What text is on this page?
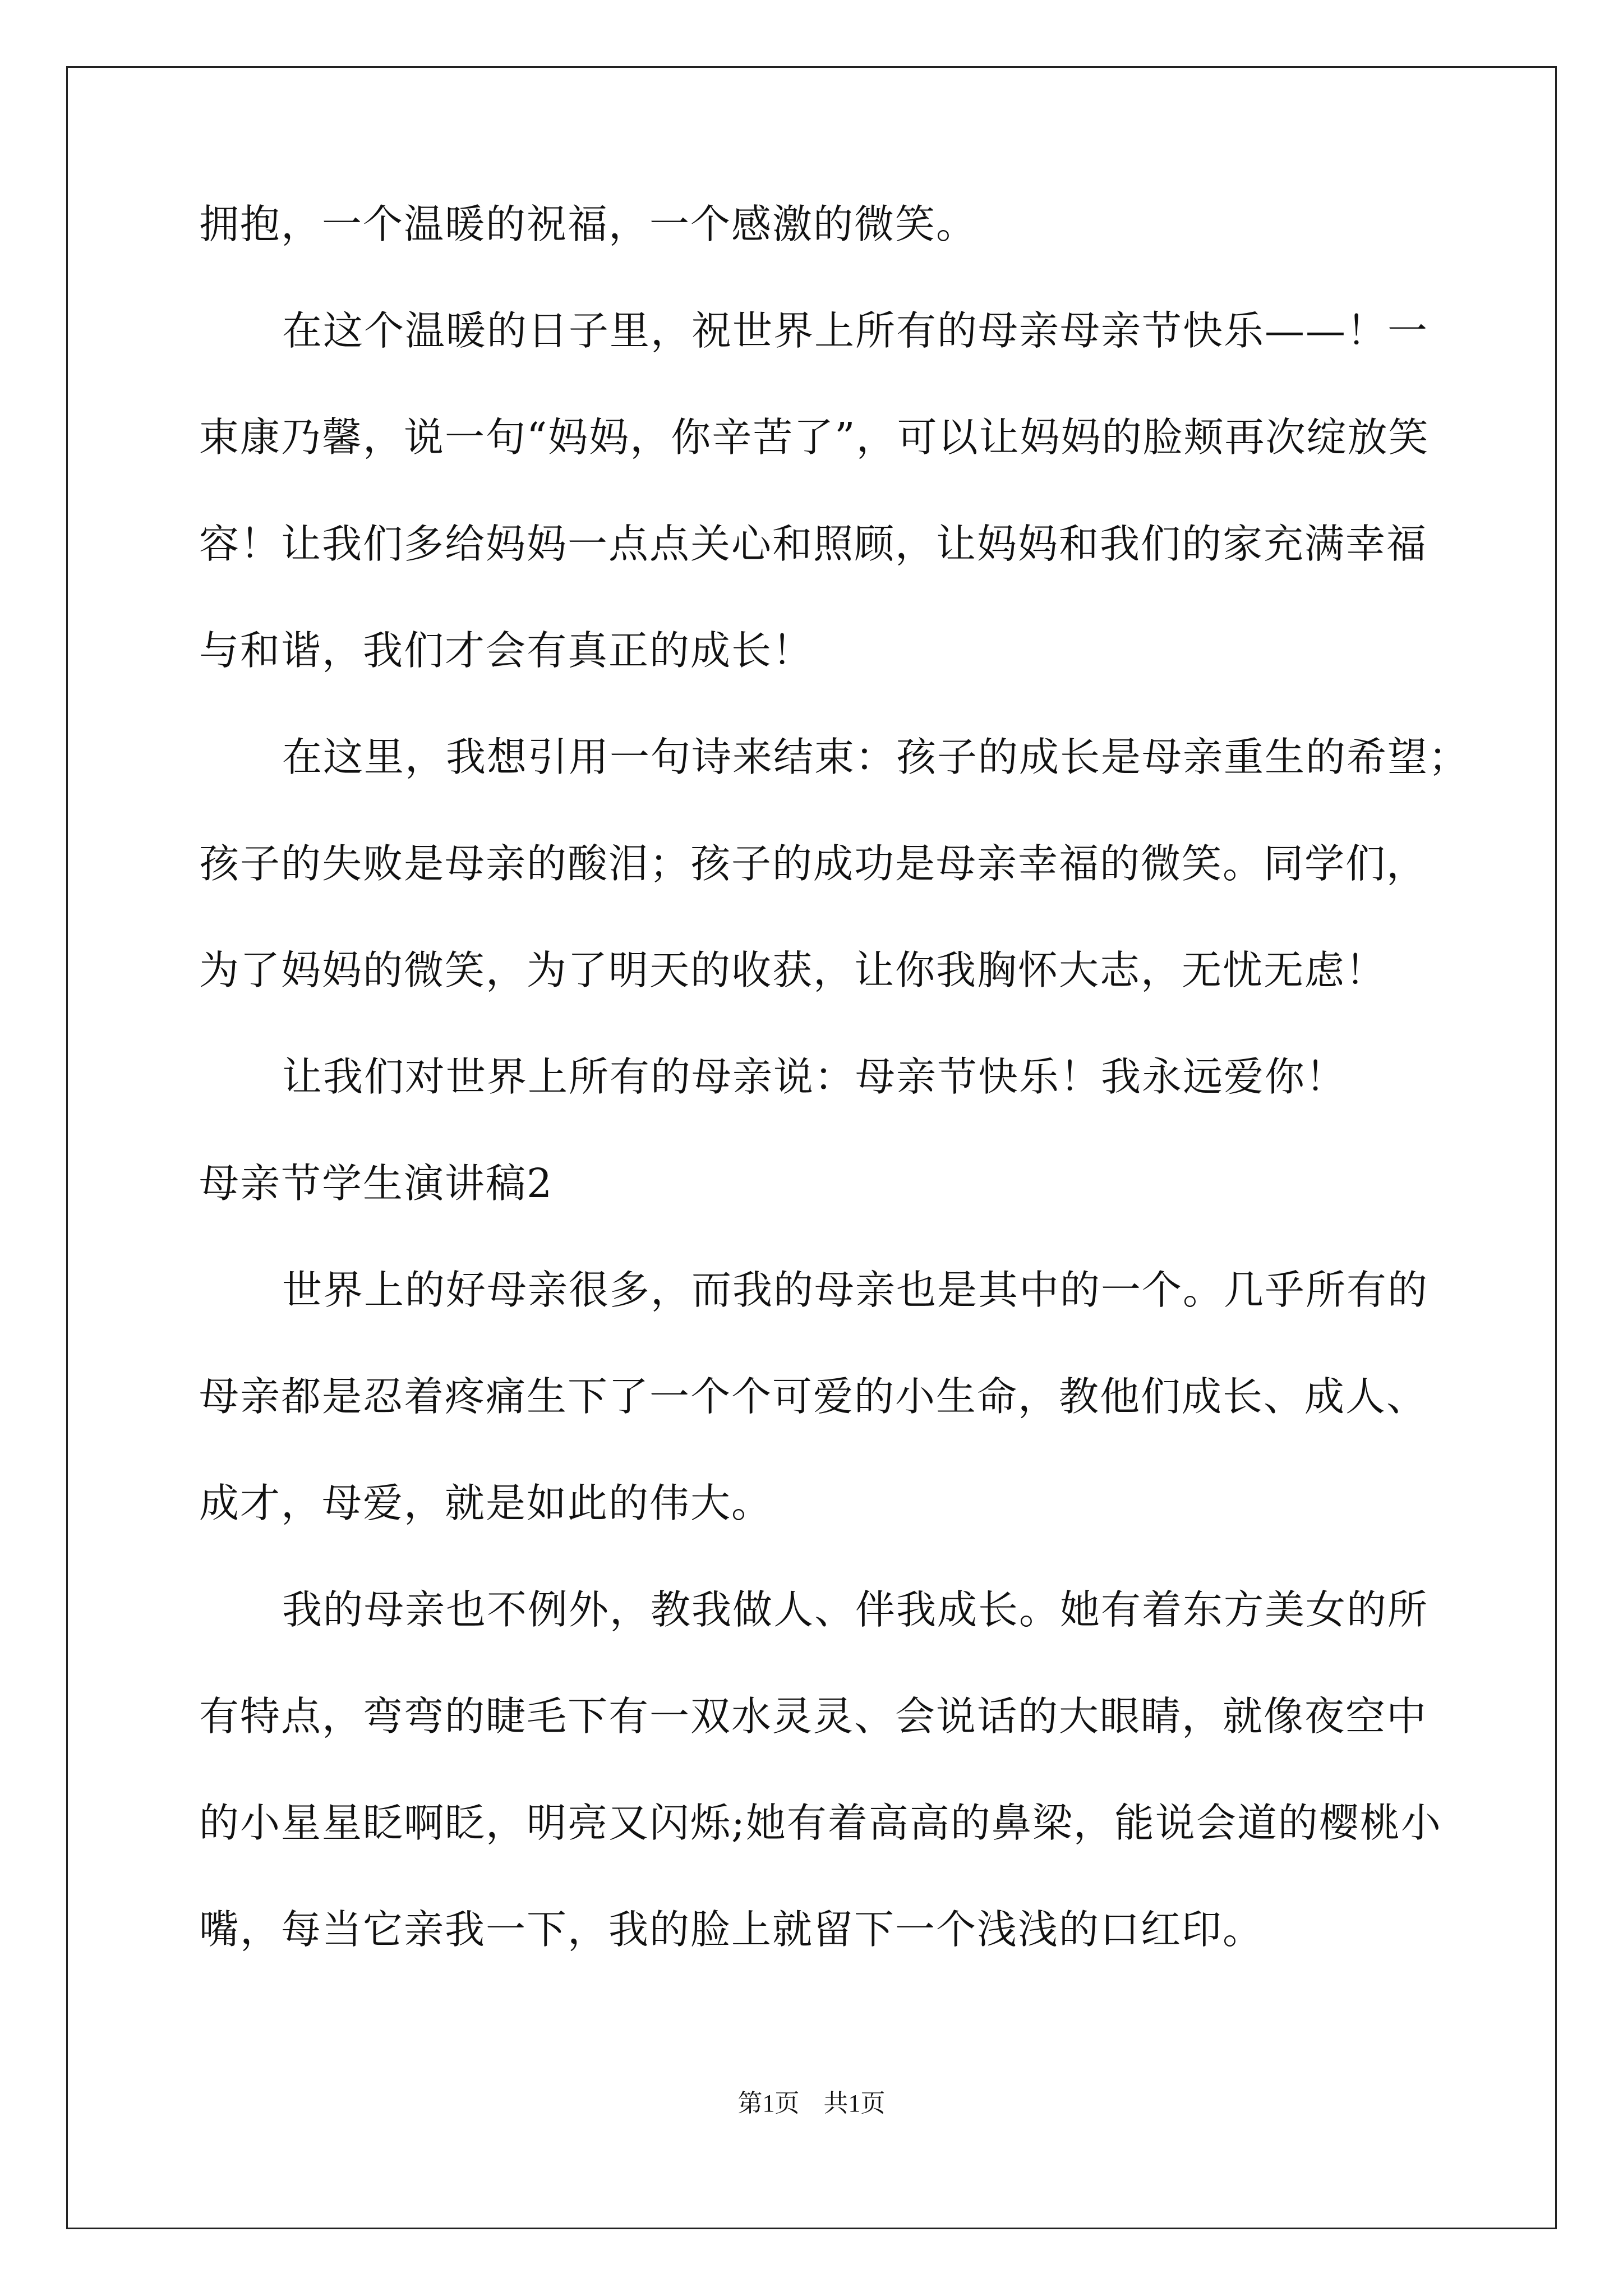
拥抱，一个温暖的祝福，一个感激的微笑。
在这个温暖的日子里，祝世界上所有的母亲母亲节快乐——！一
束康乃馨，说一句“妈妈，你辛苦了”，可以让妈妈的脸颊再次绽放笑
容！让我们多给妈妈一点点关心和照顾，让妈妈和我们的家充满幸福
与和谐，我们才会有真正的成长！
在这里，我想引用一句诗来结束：孩子的成长是母亲重生的希望；
孩子的失败是母亲的酸泪；孩子的成功是母亲幸福的微笑。同学们，
为了妈妈的微笑，为了明天的收获，让你我胸怀大志，无忧无虑！
让我们对世界上所有的母亲说：母亲节快乐！我永远爱你！
母亲节学生演讲稿2
世界上的好母亲很多，而我的母亲也是其中的一个。几乎所有的
母亲都是忍着疼痛生下了一个个可爱的小生命，教他们成长、成人、
成才，母爱，就是如此的伟大。
我的母亲也不例外，教我做人、伴我成长。她有着东方美女的所
有特点，弯弯的睫毛下有一双水灵灵、会说话的大眼睛，就像夜空中
的小星星眨啊眨，明亮又闪烁;她有着高高的鼻梁，能说会道的樱桃小
嘴，每当它亲我一下，我的脸上就留下一个浅浅的口红印。
第1页 共1页
